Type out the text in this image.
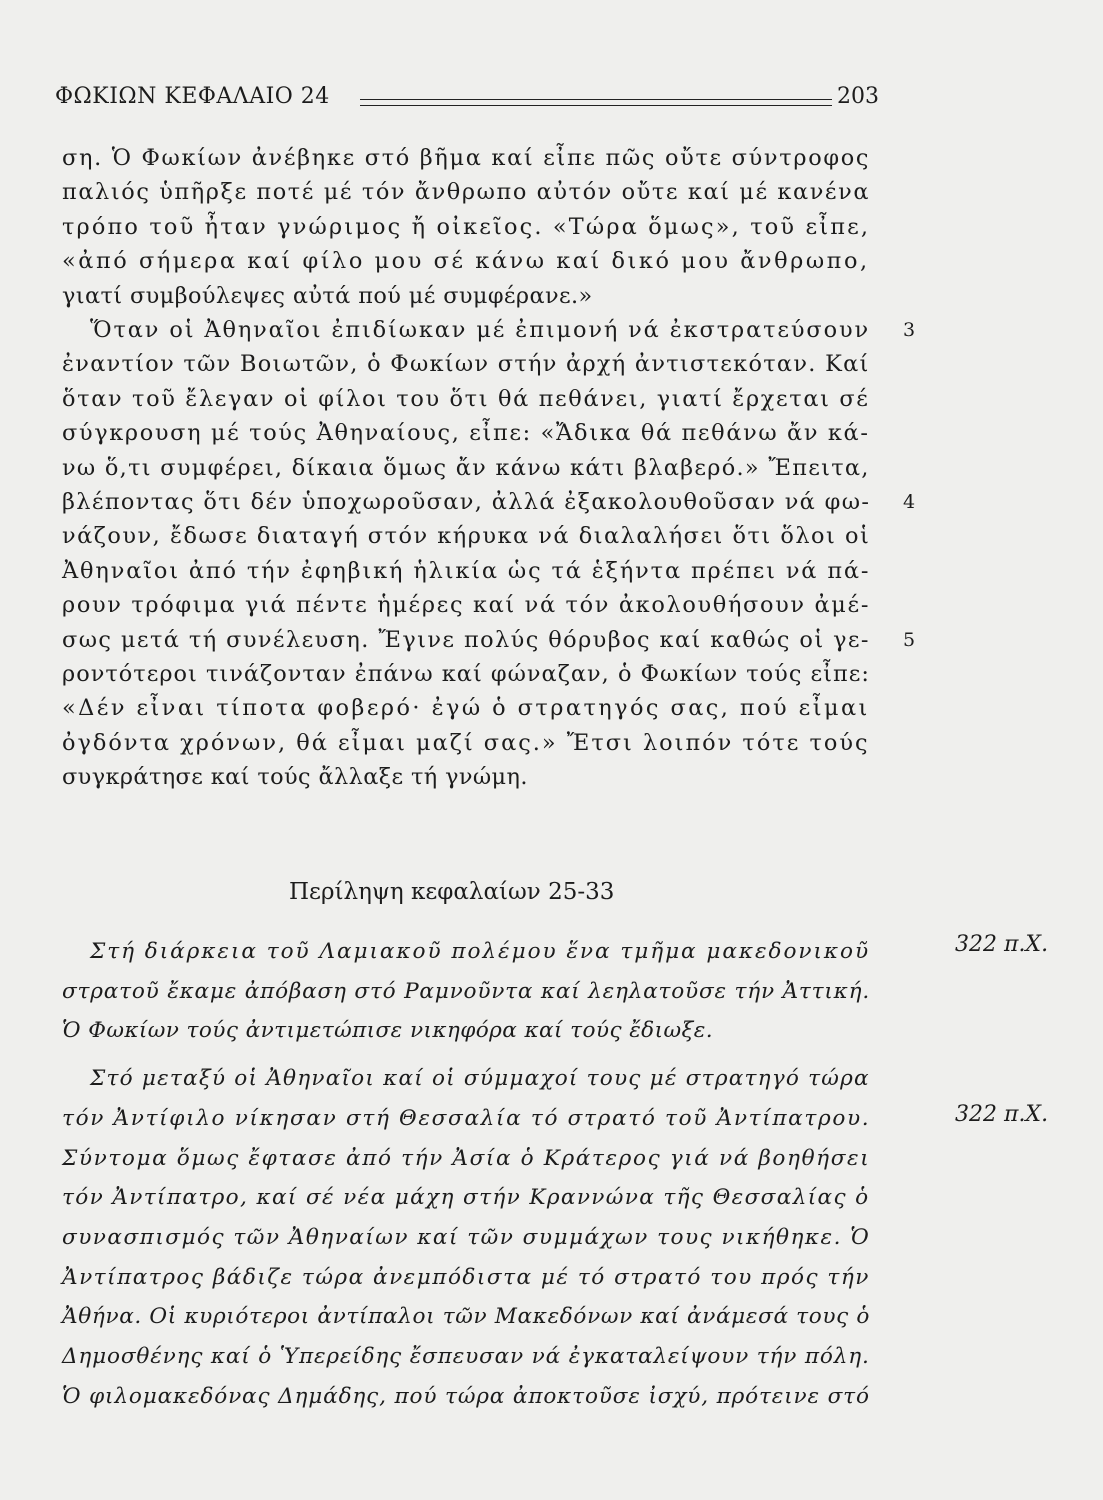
ΦΩΚΙΩΝ ΚΕΦΑΛΑΙΟ 24	203
ση. Ὁ Φωκίων ἀνέβηκε στό βῆμα καί εἶπε πῶς οὔτε σύντροφος
παλιός ὑπῆρξε ποτέ μέ τόν ἄνθρωπο αὐτόν οὔτε καί μέ κανένα
τρόπο τοῦ ἦταν γνώριμος ἤ οἰκεῖος. «Τώρα ὅμως», τοῦ εἶπε,
«ἀπό σήμερα καί φίλο μου σέ κάνω καί δικό μου ἄνθρωπο,
γιατί συμβούλεψες αὐτά πού μέ συμφέρανε.»
Ὅταν οἱ Ἀθηναῖοι ἐπιδίωκαν μέ ἐπιμονή νά ἐκστρατεύσουν
ἐναντίον τῶν Βοιωτῶν, ὁ Φωκίων στήν ἀρχή ἀντιστεκόταν. Καί
ὅταν τοῦ ἔλεγαν οἱ φίλοι του ὅτι θά πεθάνει, γιατί ἔρχεται σέ
σύγκρουση μέ τούς Ἀθηναίους, εἶπε: «Ἄδικα θά πεθάνω ἄν κά-
νω ὅ,τι συμφέρει, δίκαια ὅμως ἄν κάνω κάτι βλαβερό.» Ἔπειτα,
βλέποντας ὅτι δέν ὑποχωροῦσαν, ἀλλά ἐξακολουθοῦσαν νά φω-
νάζουν, ἔδωσε διαταγή στόν κήρυκα νά διαλαλήσει ὅτι ὅλοι οἱ
Ἀθηναῖοι ἀπό τήν ἐφηβική ἡλικία ὡς τά ἑξήντα πρέπει νά πά-
ρουν τρόφιμα γιά πέντε ἡμέρες καί νά τόν ἀκολουθήσουν ἀμέ-
σως μετά τή συνέλευση. Ἔγινε πολύς θόρυβος καί καθώς οἱ γε-
ροντότεροι τινάζονταν ἐπάνω καί φώναζαν, ὁ Φωκίων τούς εἶπε:
«Δέν εἶναι τίποτα φοβερό· ἐγώ ὁ στρατηγός σας, πού εἶμαι
ὀγδόντα χρόνων, θά εἶμαι μαζί σας.» Ἔτσι λοιπόν τότε τούς
συγκράτησε καί τούς ἄλλαξε τή γνώμη.
3
4
5
Περίληψη κεφαλαίων 25-33
Στή διάρκεια τοῦ Λαμιακοῦ πολέμου ἕνα τμῆμα μακεδονικοῦ
στρατοῦ ἔκαμε ἀπόβαση στό Ραμνοῦντα καί λεηλατοῦσε τήν Ἀττική.
Ὁ Φωκίων τούς ἀντιμετώπισε νικηφόρα καί τούς ἔδιωξε.
Στό μεταξύ οἱ Ἀθηναῖοι καί οἱ σύμμαχοί τους μέ στρατηγό τώρα
τόν Ἀντίφιλο νίκησαν στή Θεσσαλία τό στρατό τοῦ Ἀντίπατρου.
Σύντομα ὅμως ἔφτασε ἀπό τήν Ἀσία ὁ Κράτερος γιά νά βοηθήσει
τόν Ἀντίπατρο, καί σέ νέα μάχη στήν Κραννώνα τῆς Θεσσαλίας ὁ
συνασπισμός τῶν Ἀθηναίων καί τῶν συμμάχων τους νικήθηκε. Ὁ
Ἀντίπατρος βάδιζε τώρα ἀνεμπόδιστα μέ τό στρατό του πρός τήν
Ἀθήνα. Οἱ κυριότεροι ἀντίπαλοι τῶν Μακεδόνων καί ἀνάμεσά τους ὁ
Δημοσθένης καί ὁ Ὑπερείδης ἔσπευσαν νά ἐγκαταλείψουν τήν πόλη.
Ὁ φιλομακεδόνας Δημάδης, πού τώρα ἀποκτοῦσε ἰσχύ, πρότεινε στό
322 π.Χ.
322 π.Χ.
